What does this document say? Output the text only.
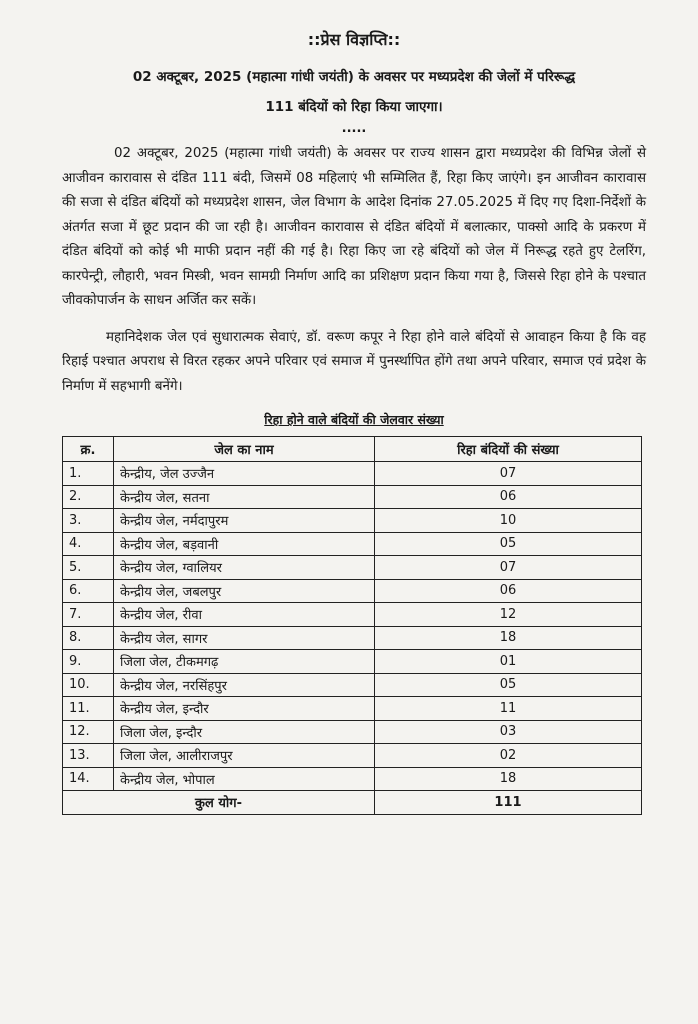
::प्रेस विज्ञप्ति::

02 अक्टूबर, 2025 (महात्मा गांधी जयंती) के अवसर पर मध्यप्रदेश की जेलों में परिरूद्ध

111 बंदियों को रिहा किया जाएगा।

.....

02 अक्टूबर, 2025 (महात्मा गांधी जयंती) के अवसर पर राज्य शासन द्वारा मध्यप्रदेश की विभिन्न जेलों से आजीवन कारावास से दंडित 111 बंदी, जिसमें 08 महिलाएं भी सम्मिलित हैं, रिहा किए जाएंगे। इन आजीवन कारावास की सजा से दंडित बंदियों को मध्यप्रदेश शासन, जेल विभाग के आदेश दिनांक 27.05.2025 में दिए गए दिशा-निर्देशों के अंतर्गत सजा में छूट प्रदान की जा रही है। आजीवन कारावास से दंडित बंदियों में बलात्कार, पाक्सो आदि के प्रकरण में दंडित बंदियों को कोई भी माफी प्रदान नहीं की गई है। रिहा किए जा रहे बंदियों को जेल में निरूद्ध रहते हुए टेलरिंग, कारपेन्ट्री, लौहारी, भवन मिस्त्री, भवन सामग्री निर्माण आदि का प्रशिक्षण प्रदान किया गया है, जिससे रिहा होने के पश्चात जीवकोपार्जन के साधन अर्जित कर सकें।

महानिदेशक जेल एवं सुधारात्मक सेवाएं, डॉ. वरूण कपूर ने रिहा होने वाले बंदियों से आवाहन किया है कि वह रिहाई पश्चात अपराध से विरत रहकर अपने परिवार एवं समाज में पुनर्स्थापित होंगे तथा अपने परिवार, समाज एवं प्रदेश के निर्माण में सहभागी बनेंगे।

रिहा होने वाले बंदियों की जेलवार संख्या

क्र.	जेल का नाम	रिहा बंदियों की संख्या
1.	केन्द्रीय, जेल उज्जैन	07
2.	केन्द्रीय जेल, सतना	06
3.	केन्द्रीय जेल, नर्मदापुरम	10
4.	केन्द्रीय जेल, बड़वानी	05
5.	केन्द्रीय जेल, ग्वालियर	07
6.	केन्द्रीय जेल, जबलपुर	06
7.	केन्द्रीय जेल, रीवा	12
8.	केन्द्रीय जेल, सागर	18
9.	जिला जेल, टीकमगढ़	01
10.	केन्द्रीय जेल, नरसिंहपुर	05
11.	केन्द्रीय जेल, इन्दौर	11
12.	जिला जेल, इन्दौर	03
13.	जिला जेल, आलीराजपुर	02
14.	केन्द्रीय जेल, भोपाल	18
कुल योग-		111
